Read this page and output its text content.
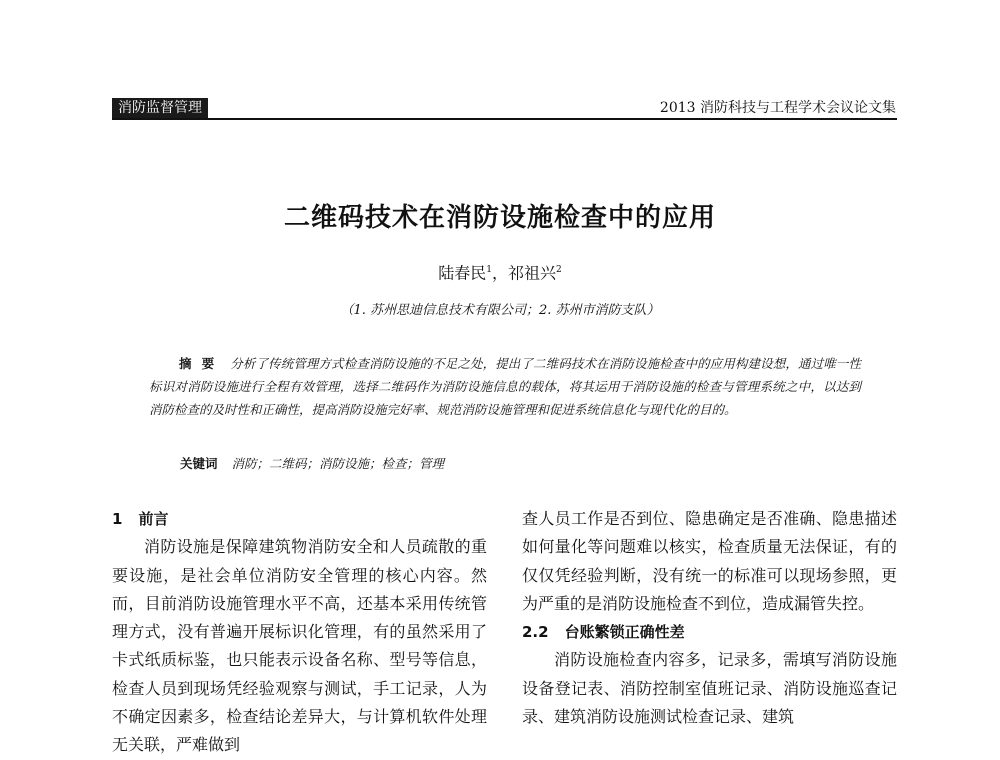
消防监督管理	2013 消防科技与工程学术会议论文集
二维码技术在消防设施检查中的应用
陆春民$^1$，祁祖兴$^2$
（1. 苏州思迪信息技术有限公司；2. 苏州市消防支队）
摘要 分析了传统管理方式检查消防设施的不足之处，提出了二维码技术在消防设施检查中的应用构建设想，通过唯一性标识对消防设施进行全程有效管理，选择二维码作为消防设施信息的载体，将其运用于消防设施的检查与管理系统之中，以达到消防检查的及时性和正确性，提高消防设施完好率、规范消防设施管理和促进系统信息化与现代化的目的。
关键词 消防；二维码；消防设施；检查；管理
1 前言
消防设施是保障建筑物消防安全和人员疏散的重要设施，是社会单位消防安全管理的核心内容。然而，目前消防设施管理水平不高，还基本采用传统管理方式，没有普遍开展标识化管理，有的虽然采用了卡式纸质标鉴，也只能表示设备名称、型号等信息，检查人员到现场凭经验观察与测试，手工记录，人为不确定因素多，检查结论差异大，与计算机软件处理无关联，严难做到
查人员工作是否到位、隐患确定是否准确、隐患描述如何量化等问题难以核实，检查质量无法保证，有的仅仅凭经验判断，没有统一的标准可以现场参照，更为严重的是消防设施检查不到位，造成漏管失控。
2.2 台账繁锁正确性差
消防设施检查内容多，记录多，需填写消防设施设备登记表、消防控制室值班记录、消防设施巡查记录、建筑消防设施测试检查记录、建筑
